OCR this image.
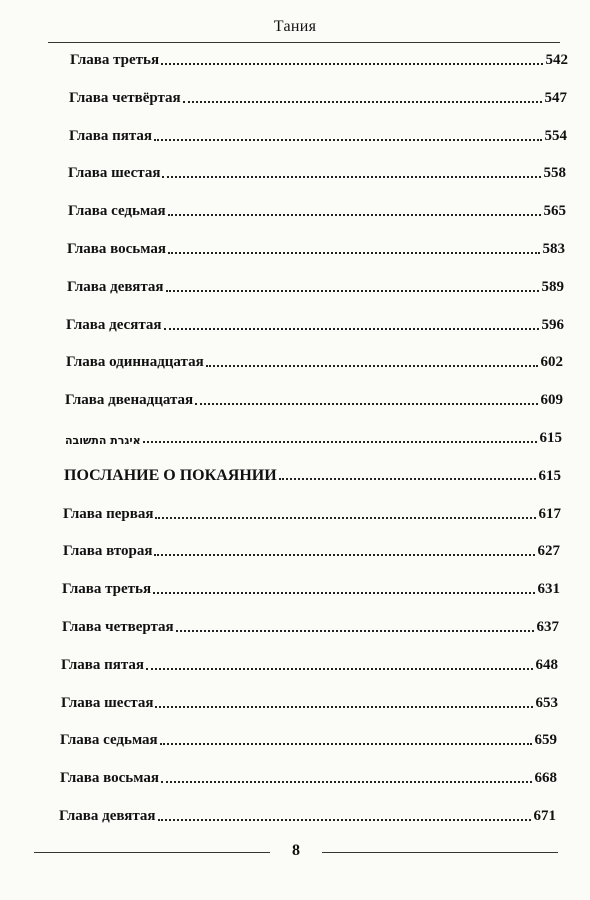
Тания
Глава третья	542
Глава четвёртая	547
Глава пятая	554
Глава шестая	558
Глава седьмая	565
Глава восьмая	583
Глава девятая	589
Глава десятая	596
Глава одиннадцатая	602
Глава двенадцатая	609
איגרת התשובה	615
ПОСЛАНИЕ О ПОКАЯНИИ	615
Глава первая	617
Глава вторая	627
Глава третья	631
Глава четвертая	637
Глава пятая	648
Глава шестая	653
Глава седьмая	659
Глава восьмая	668
Глава девятая	671
8
